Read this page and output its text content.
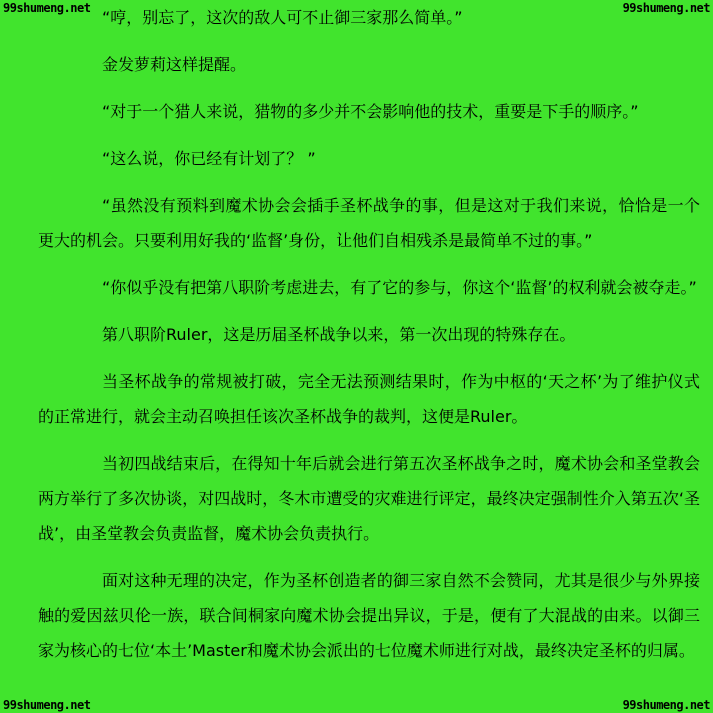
99shumeng.net	99shumeng.net
99shumeng.net	99shumeng.net

“哼，别忘了，这次的敌人可不止御三家那么简单。”

金发萝莉这样提醒。

“对于一个猎人来说，猎物的多少并不会影响他的技术，重要是下手的顺序。”

“这么说，你已经有计划了？ ”

“虽然没有预料到魔术协会会插手圣杯战争的事，但是这对于我们来说，恰恰是一个更大的机会。只要利用好我的‘监督’身份，让他们自相残杀是最简单不过的事。”

“你似乎没有把第八职阶考虑进去，有了它的参与，你这个‘监督’的权利就会被夺走。”

第八职阶Ruler，这是历届圣杯战争以来，第一次出现的特殊存在。

当圣杯战争的常规被打破，完全无法预测结果时，作为中枢的‘天之杯’为了维护仪式的正常进行，就会主动召唤担任该次圣杯战争的裁判，这便是Ruler。

当初四战结束后，在得知十年后就会进行第五次圣杯战争之时，魔术协会和圣堂教会两方举行了多次协谈，对四战时，冬木市遭受的灾难进行评定，最终决定强制性介入第五次‘圣战’，由圣堂教会负责监督，魔术协会负责执行。

面对这种无理的决定，作为圣杯创造者的御三家自然不会赞同，尤其是很少与外界接触的爱因兹贝伦一族，联合间桐家向魔术协会提出异议，于是，便有了大混战的由来。以御三家为核心的七位‘本土’Master和魔术协会派出的七位魔术师进行对战，最终决定圣杯的归属。
